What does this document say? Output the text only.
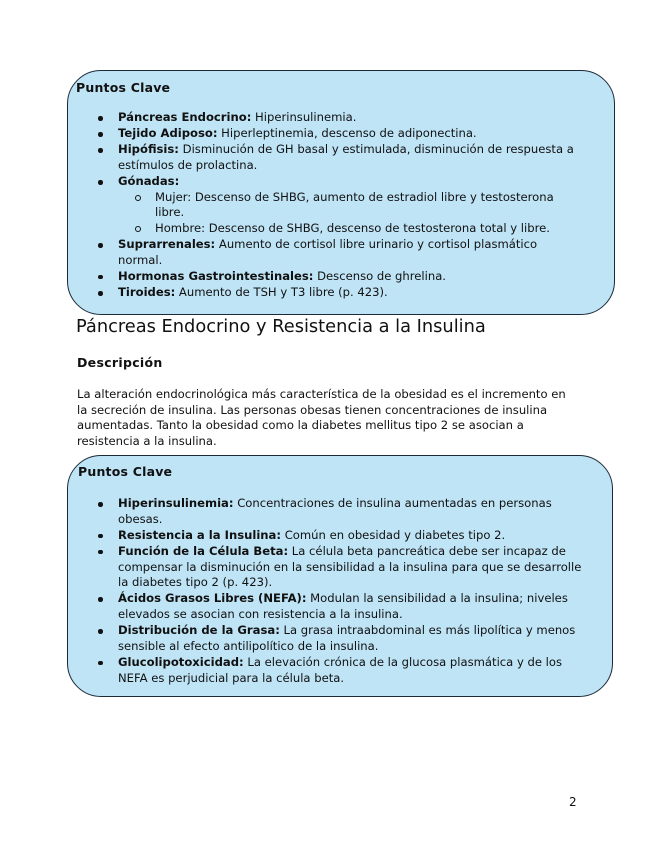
Puntos Clave

Páncreas Endocrino: Hiperinsulinemia.
Tejido Adiposo: Hiperleptinemia, descenso de adiponectina.
Hipófisis: Disminución de GH basal y estimulada, disminución de respuesta a estímulos de prolactina.
Gónadas:
Mujer: Descenso de SHBG, aumento de estradiol libre y testosterona libre.
Hombre: Descenso de SHBG, descenso de testosterona total y libre.
Suprarrenales: Aumento de cortisol libre urinario y cortisol plasmático normal.
Hormonas Gastrointestinales: Descenso de ghrelina.
Tiroides: Aumento de TSH y T3 libre (p. 423).
Páncreas Endocrino y Resistencia a la Insulina
Descripción

La alteración endocrinológica más característica de la obesidad es el incremento en la secreción de insulina. Las personas obesas tienen concentraciones de insulina aumentadas. Tanto la obesidad como la diabetes mellitus tipo 2 se asocian a resistencia a la insulina.

Puntos Clave

Hiperinsulinemia: Concentraciones de insulina aumentadas en personas obesas.
Resistencia a la Insulina: Común en obesidad y diabetes tipo 2.
Función de la Célula Beta: La célula beta pancreática debe ser incapaz de compensar la disminución en la sensibilidad a la insulina para que se desarrolle la diabetes tipo 2 (p. 423).
Ácidos Grasos Libres (NEFA): Modulan la sensibilidad a la insulina; niveles elevados se asocian con resistencia a la insulina.
Distribución de la Grasa: La grasa intraabdominal es más lipolítica y menos sensible al efecto antilipolítico de la insulina.
Glucolipotoxicidad: La elevación crónica de la glucosa plasmática y de los NEFA es perjudicial para la célula beta.
2
